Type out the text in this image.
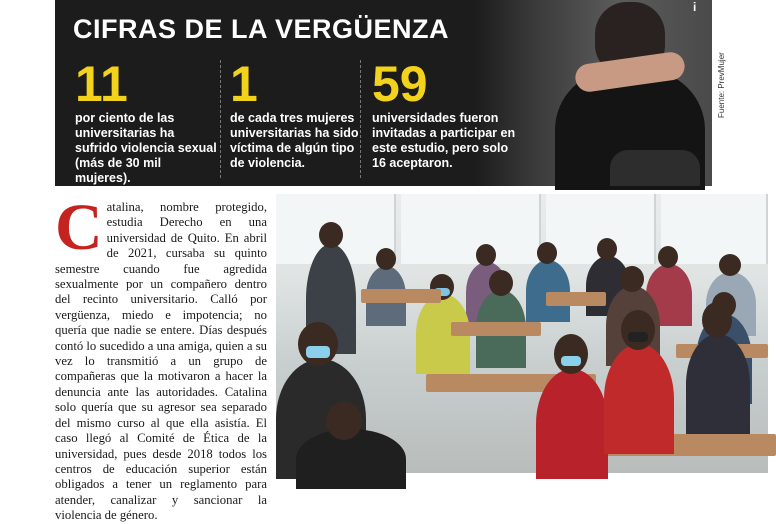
i
CIFRAS DE LA VERGÜENZA
11
por ciento de las universitarias ha sufrido violencia sexual (más de 30 mil mujeres).
1
de cada tres mujeres universitarias ha sido víctima de algún tipo de violencia.
59
universidades fueron invitadas a participar en este estudio, pero solo 16 aceptaron.
Fuente: PrevMujer
C atalina, nombre protegido, estudia Derecho en una universidad de Quito. En abril de 2021, cursaba su quinto semestre cuando fue agredida sexualmente por un compañero dentro del recinto universitario. Calló por vergüenza, miedo e impotencia; no quería que nadie se entere. Días después contó lo sucedido a una amiga, quien a su vez lo transmitió a un grupo de compañeras que la motivaron a hacer la denuncia ante las autoridades. Catalina solo quería que su agresor sea separado del mismo curso al que ella asistía. El caso llegó al Comité de Ética de la universidad, pues desde 2018 todos los centros de educación superior están obligados a tener un reglamento para atender, canalizar y sancionar la violencia de género.
